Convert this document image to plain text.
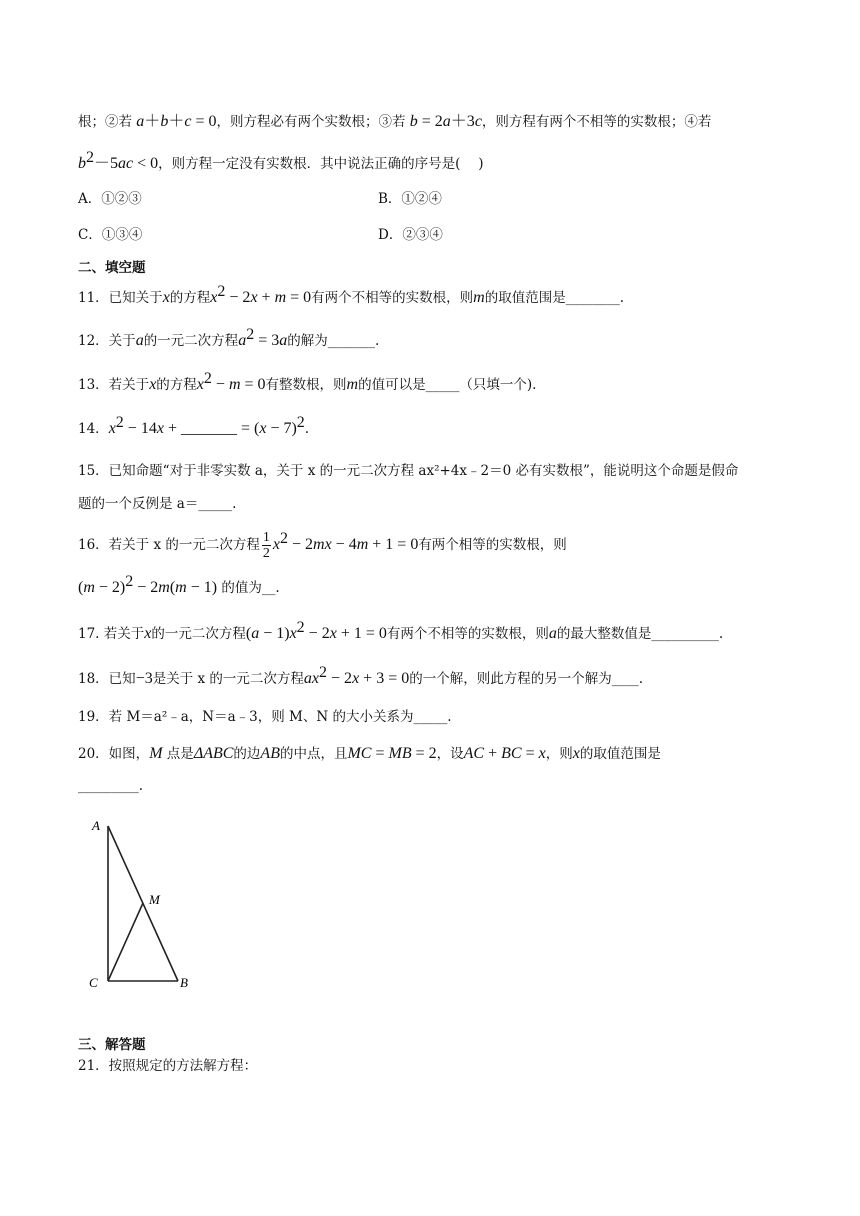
根；②若 a＋b＋c = 0，则方程必有两个实数根；③若 b = 2a＋3c，则方程有两个不相等的实数根；④若
$b^2-5ac < 0$，则方程一定没有实数根．其中说法正确的序号是(　 )
A．①②③	B．①②④
C．①③④	D．②③④
二、填空题
11．已知关于x的方程$x^2 - 2x + m = 0$有两个不相等的实数根，则m的取值范围是________.
12．关于a的一元二次方程$a^2 = 3a$的解为_______.
13．若关于x的方程$x^2 - m = 0$有整数根，则m的值可以是_____（只填一个).
14．$x^2 - 14x$ + _______ = $(x - 7)^2$.
15．已知命题“对于非零实数 a，关于 x 的一元二次方程 ax²+4x﹣2＝0 必有实数根”，能说明这个命题是假命
题的一个反例是 a＝_____.
16．若关于 x 的一元二次方程 $\frac{1}{2} x^2 - 2mx - 4m + 1 = 0$有两个相等的实数根，则
$(m - 2)^2 - 2m(m - 1)$ 的值为__.
17. 若关于x的一元二次方程$(a - 1)x^2 - 2x + 1 = 0$有两个不相等的实数根，则a的最大整数值是__________.
18．已知−3是关于 x 的一元二次方程$ax^2 - 2x + 3 = 0$的一个解，则此方程的另一个解为____.
19．若 M＝a²﹣a，N＝a﹣3，则 M、N 的大小关系为_____.
20．如图，M 点是ΔABC的边AB的中点，且MC = MB = 2，设AC + BC = x，则x的取值范围是
_________.
A
M
C	B
三、解答题
21．按照规定的方法解方程：
